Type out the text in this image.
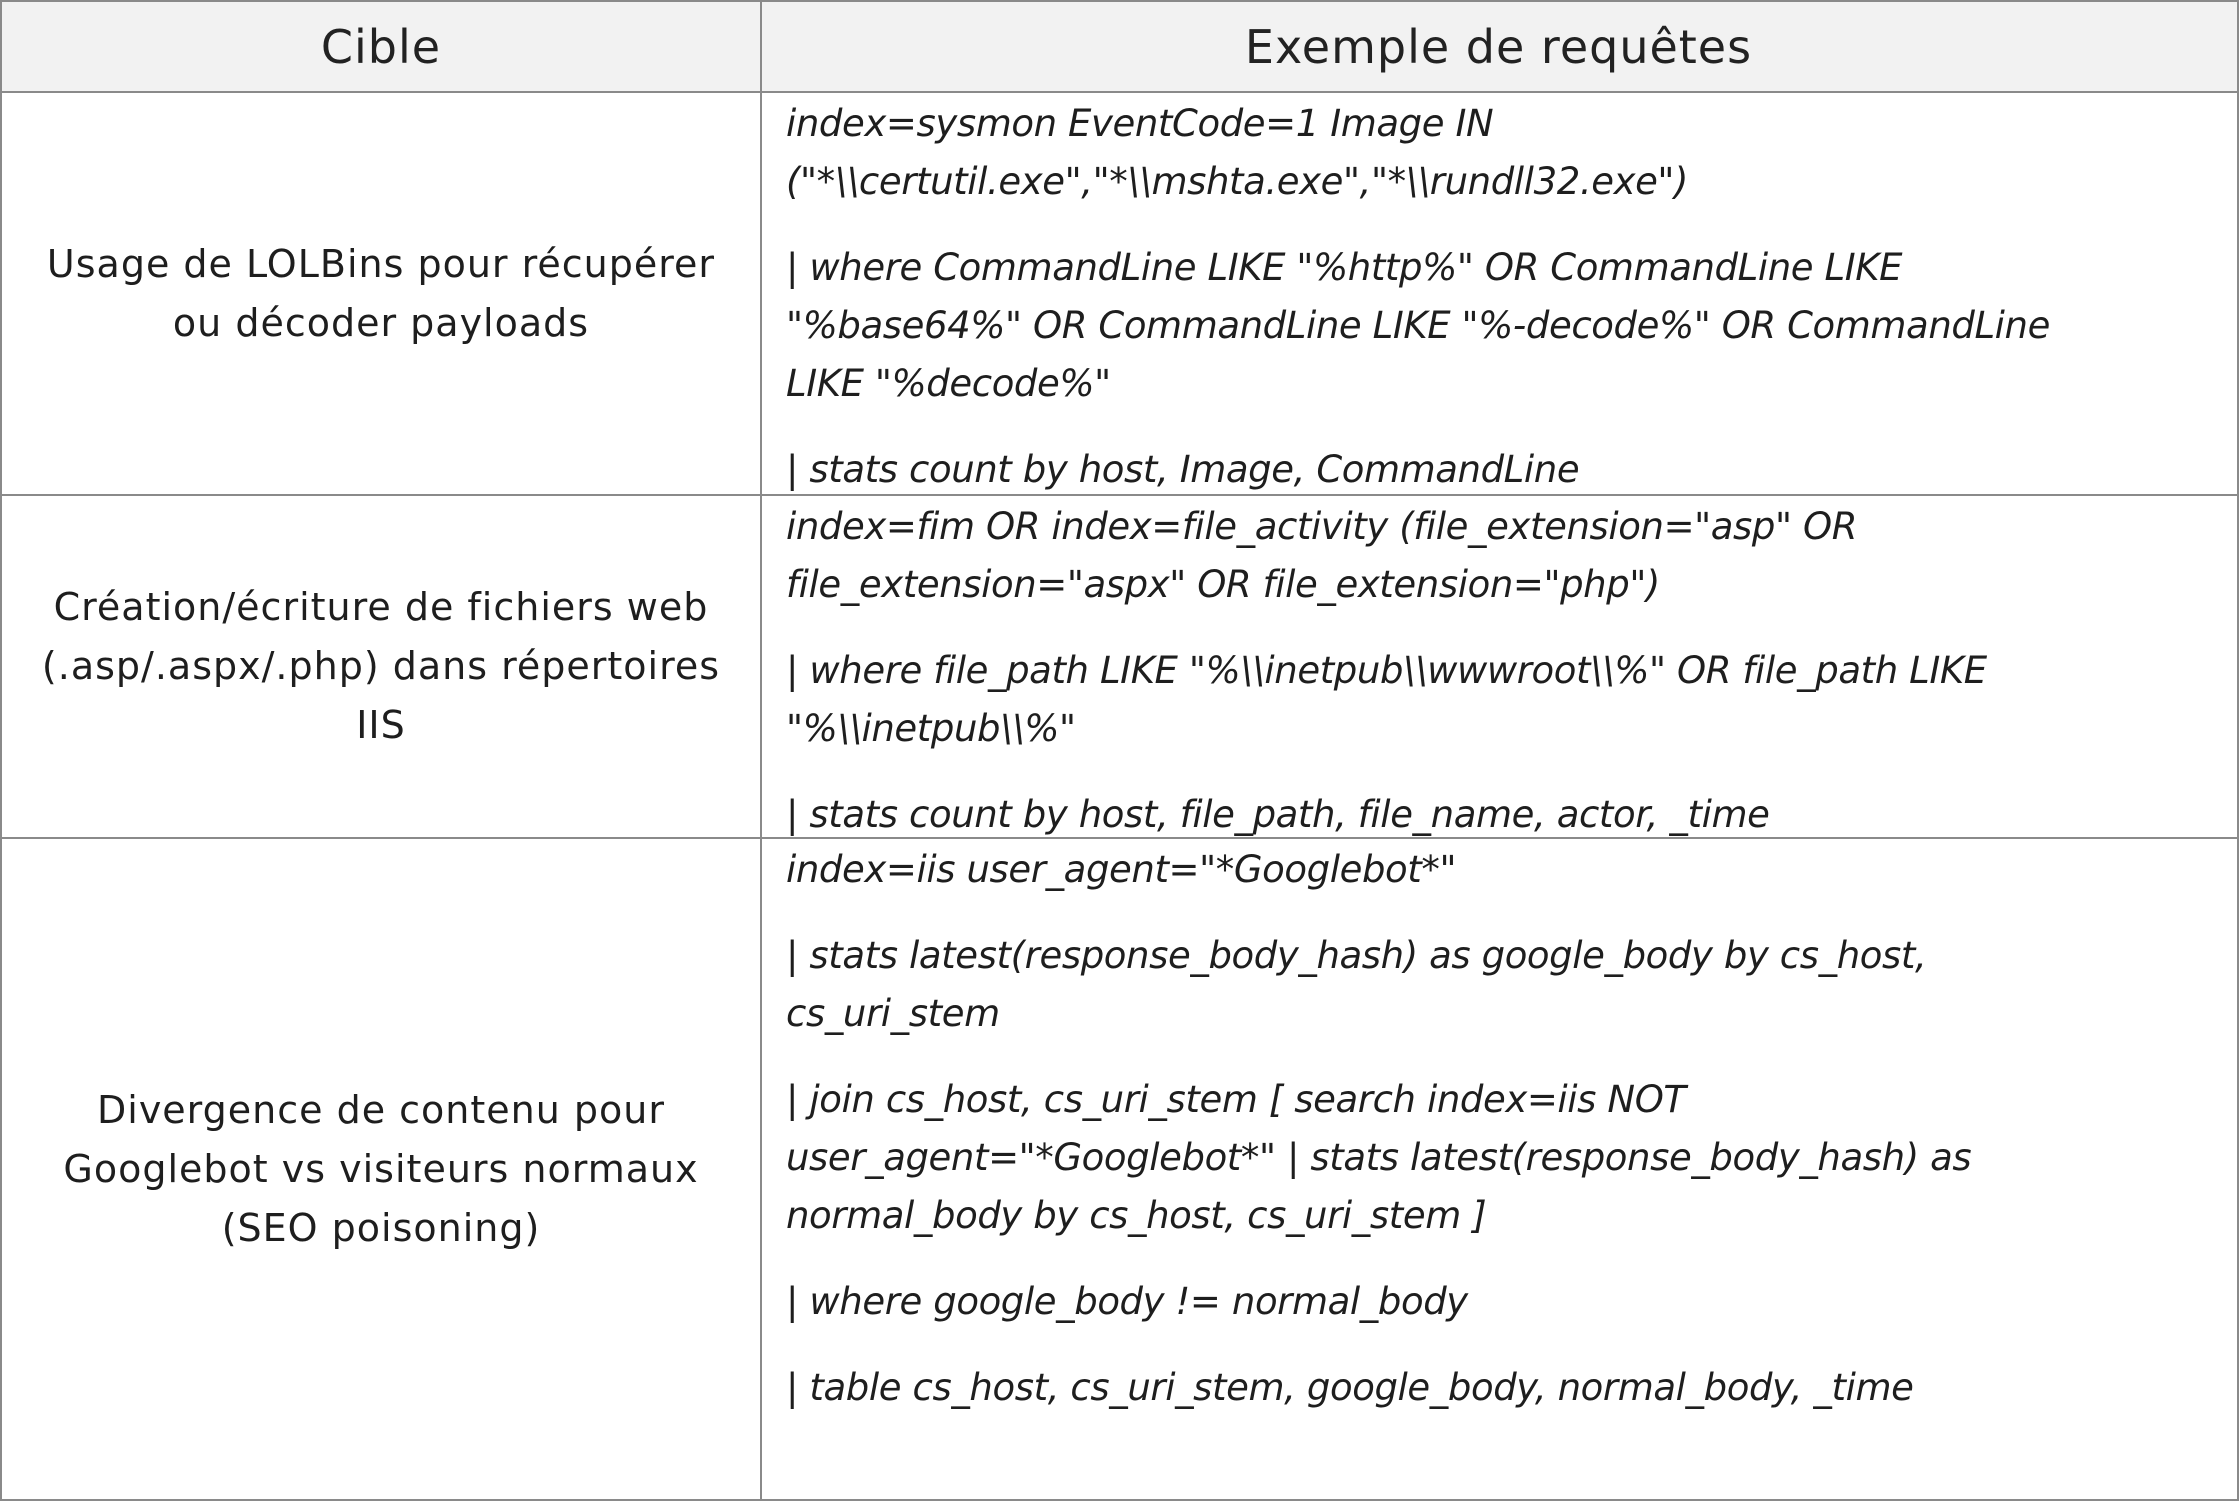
Cible	Exemple de requêtes
Usage de LOLBins pour récupérer
ou décoder payloads

index=sysmon EventCode=1 Image IN
("*\\certutil.exe","*\\mshta.exe","*\\rundll32.exe")

| where CommandLine LIKE "%http%" OR CommandLine LIKE
"%base64%" OR CommandLine LIKE "%-decode%" OR CommandLine
LIKE "%decode%"

| stats count by host, Image, CommandLine

Création/écriture de fichiers web
(.asp/.aspx/.php) dans répertoires
IIS

index=fim OR index=file_activity (file_extension="asp" OR
file_extension="aspx" OR file_extension="php")

| where file_path LIKE "%\\inetpub\\wwwroot\\%" OR file_path LIKE
"%\\inetpub\\%"

| stats count by host, file_path, file_name, actor, _time

Divergence de contenu pour
Googlebot vs visiteurs normaux
(SEO poisoning)

index=iis user_agent="*Googlebot*"

| stats latest(response_body_hash) as google_body by cs_host,
cs_uri_stem

| join cs_host, cs_uri_stem [ search index=iis NOT
user_agent="*Googlebot*" | stats latest(response_body_hash) as
normal_body by cs_host, cs_uri_stem ]

| where google_body != normal_body

| table cs_host, cs_uri_stem, google_body, normal_body, _time
